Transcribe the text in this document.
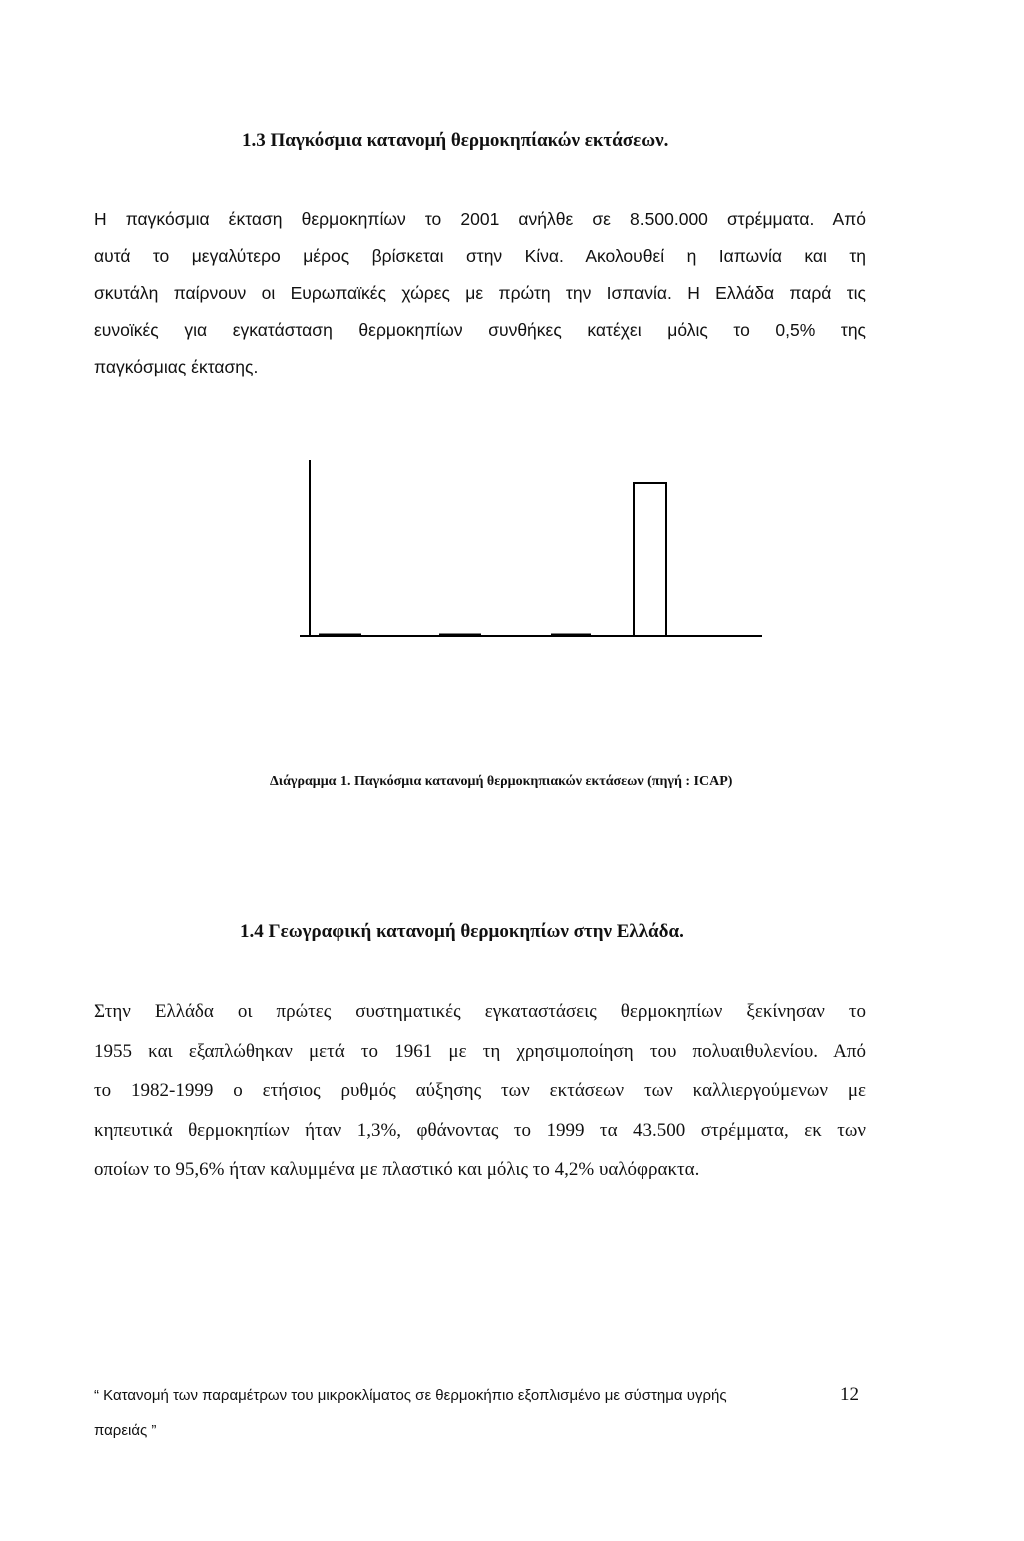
1.3 Παγκόσμια κατανομή θερμοκηπίακών εκτάσεων.
Η παγκόσμια έκταση θερμοκηπίων το 2001 ανήλθε σε 8.500.000 στρέμματα. Από
αυτά το μεγαλύτερο μέρος βρίσκεται στην Κίνα. Ακολουθεί η Ιαπωνία και τη
σκυτάλη παίρνουν οι Ευρωπαϊκές χώρες με πρώτη την Ισπανία. Η Ελλάδα παρά τις
ευνοϊκές για εγκατάσταση θερμοκηπίων συνθήκες κατέχει μόλις το 0,5% της
παγκόσμιας έκτασης.
Διάγραμμα 1. Παγκόσμια κατανομή θερμοκηπιακών εκτάσεων (πηγή : ICAP)
1.4 Γεωγραφική κατανομή θερμοκηπίων στην Ελλάδα.
Στην Ελλάδα οι πρώτες συστηματικές εγκαταστάσεις θερμοκηπίων ξεκίνησαν το
1955 και εξαπλώθηκαν μετά το 1961 με τη χρησιμοποίηση του πολυαιθυλενίου. Από
το 1982-1999 ο ετήσιος ρυθμός αύξησης των εκτάσεων των καλλιεργούμενων με
κηπευτικά θερμοκηπίων ήταν 1,3%, φθάνοντας το 1999 τα 43.500 στρέμματα, εκ των
οποίων το 95,6% ήταν καλυμμένα με πλαστικό και μόλις το 4,2% υαλόφρακτα.
“ Κατανομή των παραμέτρων του μικροκλίματος σε θερμοκήπιο εξοπλισμένο με σύστημα υγρής
παρειάς ”
12
